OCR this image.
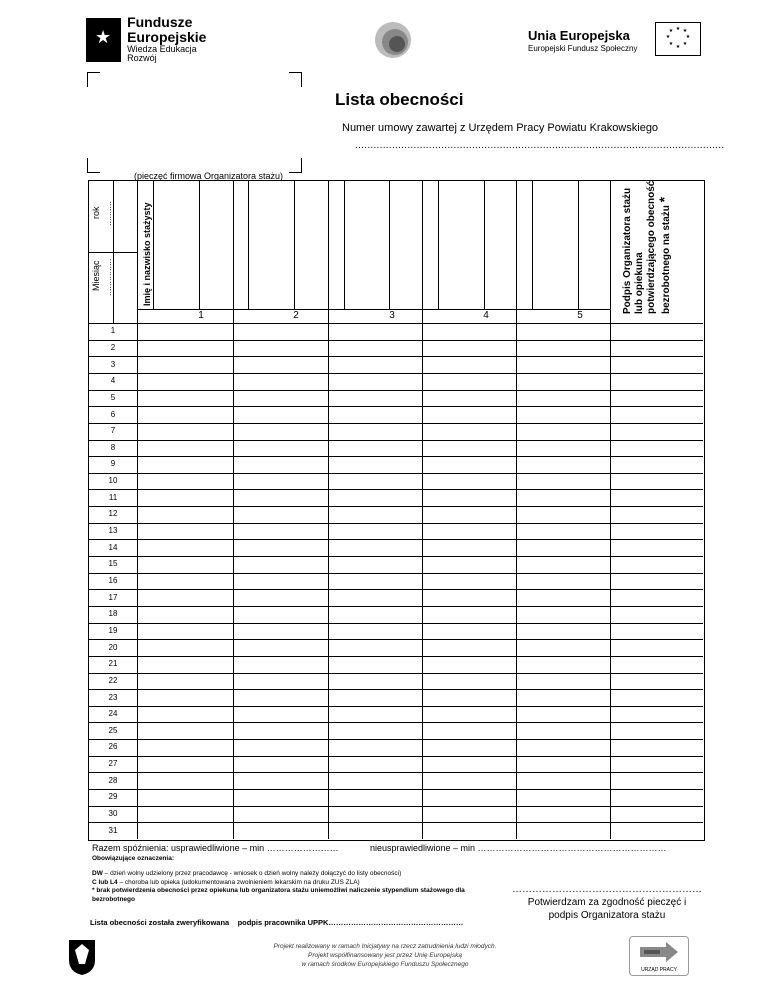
★
Fundusze
Europejskie
Wiedza Edukacja Rozwój
Unia Europejska
Europejski Fundusz Społeczny
★ ★
★
★
★
★
★
★
Lista obecności
Numer umowy zawartej z Urzędem Pracy Powiatu Krakowskiego
........................................................................................................................
(pieczęć firmowa Organizatora stażu)
Miesiąc ...............
rok ..........	Imię i nazwisko stażysty	Podpis Organizatora stażu lub opiekuna potwierdzającego obecność bezrobotnego na stażu *
1	2	3	4	5
1
2
3
4
5
6
7
8
9
10
11
12
13
14
15
16
17
18
19
20
21
22
23
24
25
26
27
28
29
30
31
Razem spóźnienia: usprawiedliwione – min ……………………	nieusprawiedliwione – min ………………………………………………………
Obowiązujące oznaczenia:
DW – dzień wolny udzielony przez pracodawcę - wniosek o dzień wolny należy dołączyć do listy obecności)
C lub L4 – choroba lub opieka (udokumentowana zwolnieniem lekarskim na druku ZUS ZLA)
* brak potwierdzenia obecności przez opiekuna lub organizatora stażu uniemożliwi naliczenie stypendium stażowego dla bezrobotnego
…………………………………………………
Potwierdzam za zgodność pieczęć i podpis Organizatora stażu
Lista obecności została zweryfikowana podpis pracownika UPPK………………………………………………
Projekt realizowany w ramach Inicjatywy na rzecz zatrudnienia ludzi młodych.
Projekt współfinansowany jest przez Unię Europejską
w ramach środków Europejskiego Funduszu Społecznego
URZĄD PRACY
